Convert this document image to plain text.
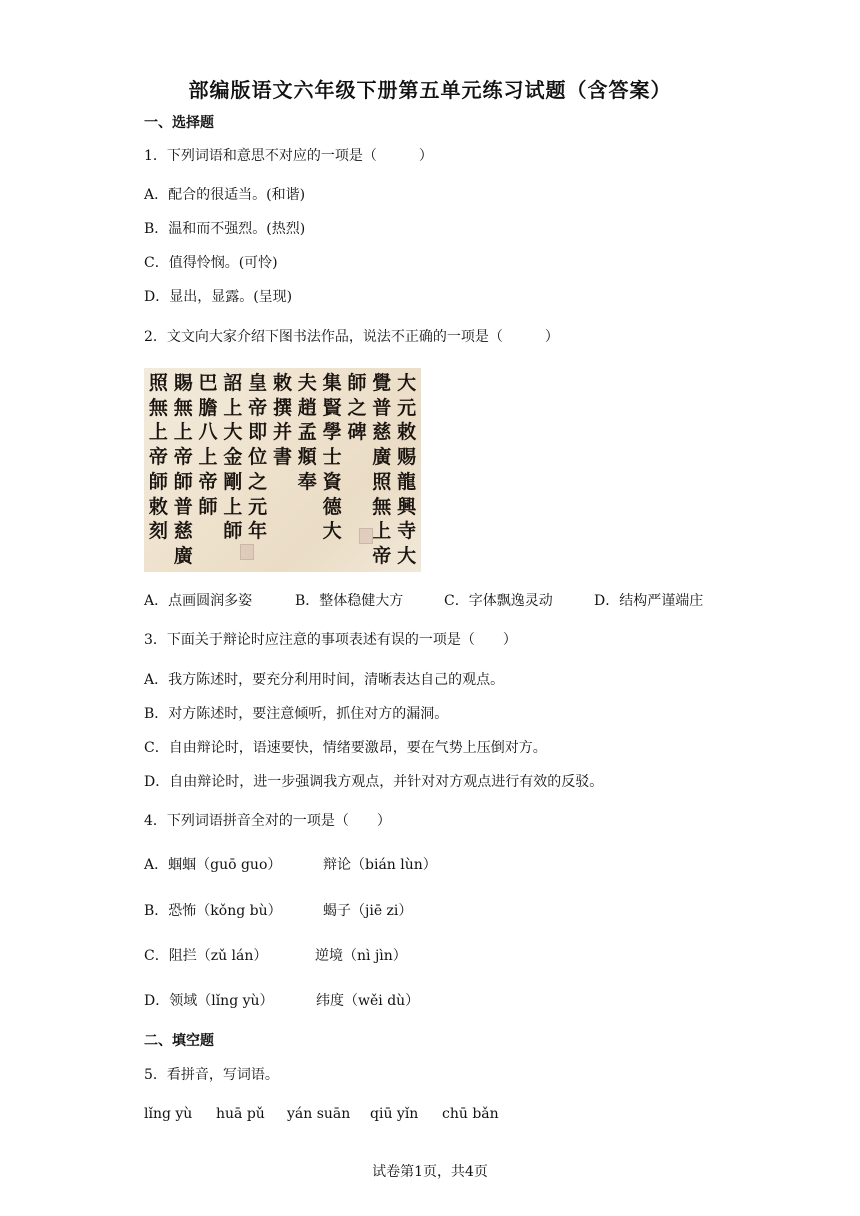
部编版语文六年级下册第五单元练习试题（含答案）
一、选择题
1．下列词语和意思不对应的一项是（　　　）
A．配合的很适当。(和谐)
B．温和而不强烈。(热烈)
C．值得怜悯。(可怜)
D．显出，显露。(呈现)
2．文文向大家介绍下图书法作品，说法不正确的一项是（　　　）
照 賜 巴 詔 皇 敕 夫 集 師 覺 大
無 無 膽 上 帝 撰 趙 賢 之 普 元
上 上 八 大 即 并 孟 學 碑 慈 敕
帝 帝 上 金 位 書 頫 士 廣 赐
師 師 帝 剛 之 奉 資 照 龍
敕 普 師 上 元	德 無 興
刻 慈 師 年	大 上 寺
廣	帝 大
A．点画圆润多姿	B．整体稳健大方	C．字体飘逸灵动	D．结构严谨端庄
3．下面关于辩论时应注意的事项表述有误的一项是（　　）
A．我方陈述时，要充分利用时间，清晰表达自己的观点。
B．对方陈述时，要注意倾听，抓住对方的漏洞。
C．自由辩论时，语速要快，情绪要激昂，要在气势上压倒对方。
D．自由辩论时，进一步强调我方观点，并针对对方观点进行有效的反驳。
4．下列词语拼音全对的一项是（　　）
A．蝈蝈（guō guo）	辩论（bián lùn）
B．恐怖（kǒng bù）	蝎子（jiē zi）
C．阻拦（zǔ lán）	逆境（nì jìn）
D．领域（lǐng yù）	纬度（wěi dù）
二、填空题
5．看拼音，写词语。
lǐng yù huā pǔ yán suān qiū yǐn chū bǎn
试卷第1页，共4页
